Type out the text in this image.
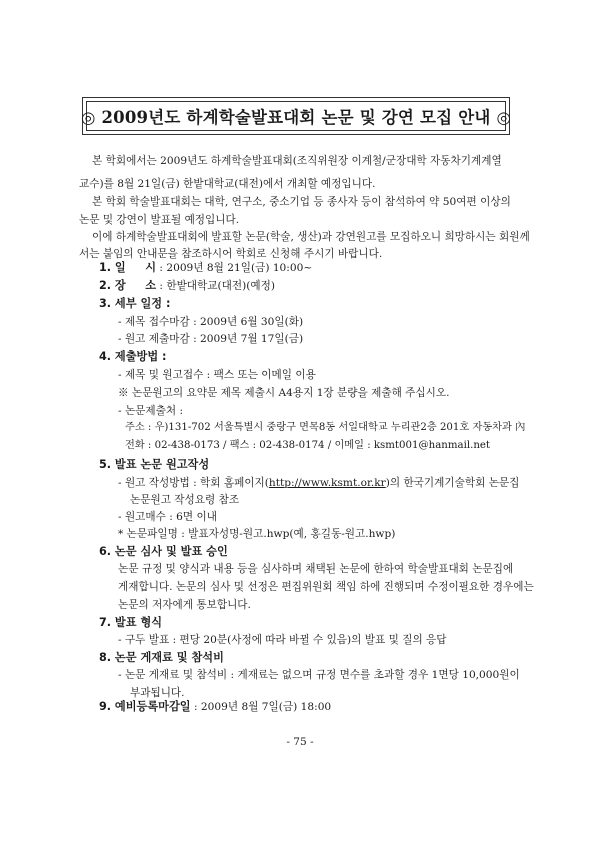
◎ 2009년도 하계학술발표대회 논문 및 강연 모집 안내 ◎
본 학회에서는 2009년도 하계학술발표대회(조직위원장 이계철/군장대학 자동차기계계열
교수)를 8월 21일(금) 한밭대학교(대전)에서 개최할 예정입니다.
본 학회 학술발표대회는 대학, 연구소, 중소기업 등 종사자 등이 참석하여 약 50여편 이상의
논문 및 강연이 발표될 예정입니다.
이에 하계학술발표대회에 발표할 논문(학술, 생산)과 강연원고를 모집하오니 희망하시는 회원께
서는 붙임의 안내문을 참조하시어 학회로 신청해 주시기 바랍니다.
1. 일     시 : 2009년 8월 21일(금) 10:00~
2. 장     소 : 한밭대학교(대전)(예정)
3. 세부 일정 :
- 제목 접수마감 : 2009년 6월 30일(화)
- 원고 제출마감 : 2009년 7월 17일(금)
4. 제출방법 :
- 제목 및 원고접수 : 팩스 또는 이메일 이용
※ 논문원고의 요약문 제목 제출시 A4용지 1장 분량을 제출해 주십시오.
- 논문제출처 :
주소 : 우)131-702 서울특별시 중랑구 면목8동 서일대학교 누리관2층 201호 자동차과 內
전화 : 02-438-0173 / 팩스 : 02-438-0174 / 이메일 : ksmt001@hanmail.net
5. 발표 논문 원고작성
- 원고 작성방법 : 학회 홈페이지(http://www.ksmt.or.kr)의 한국기계기술학회 논문집
논문원고 작성요령 참조
- 원고매수 : 6면 이내
* 논문파일명 : 발표자성명-원고.hwp(예, 홍길동-원고.hwp)
6. 논문 심사 및 발표 승인
논문 규정 및 양식과 내용 등을 심사하며 채택된 논문에 한하여 학술발표대회 논문집에
게재합니다. 논문의 심사 및 선정은 편집위원회 책임 하에 진행되며 수정이필요한 경우에는
논문의 저자에게 통보합니다.
7. 발표 형식
- 구두 발표 : 편당 20분(사정에 따라 바뀔 수 있음)의 발표 및 질의 응답
8. 논문 게재료 및 참석비
- 논문 게재료 및 참석비 : 게재료는 없으며 규정 면수를 초과할 경우 1면당 10,000원이
부과됩니다.
9. 예비등록마감일 : 2009년 8월 7일(금) 18:00
- 75 -
